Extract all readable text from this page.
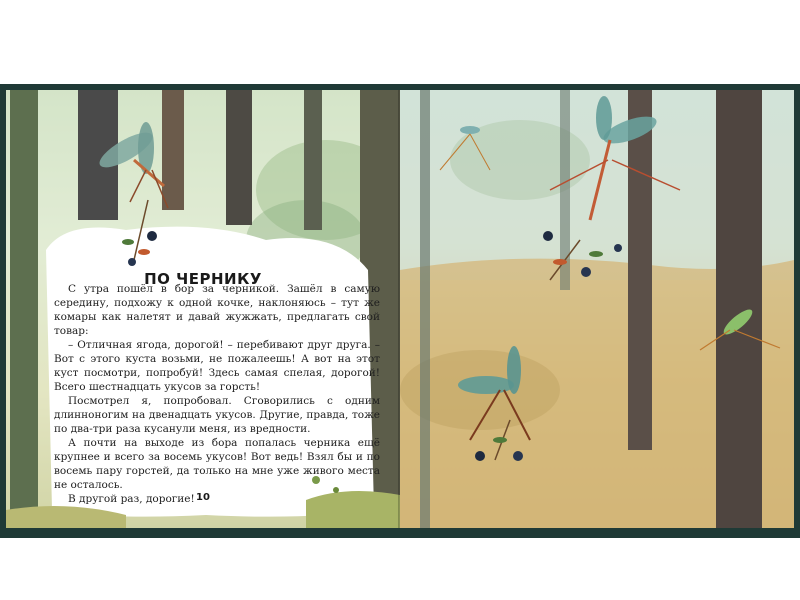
ПО ЧЕРНИКУ

С утра пошёл в бор за черникой. Зашёл в самую середину, подхожу к одной кочке, наклоняюсь – тут же комары как налетят и давай жужжать, предлагать свой товар:

– Отличная ягода, дорогой! – перебивают друг друга. – Вот с этого куста возьми, не пожалеешь! А вот на этот куст посмотри, попробуй! Здесь самая спелая, дорогой! Всего шестнадцать укусов за горсть!

Посмотрел я, попробовал. Сговорились с одним длинноногим на двенадцать укусов. Другие, правда, тоже по два-три раза кусанули меня, из вредности.

А почти на выходе из бора попалась черника ещё крупнее и всего за восемь укусов! Вот ведь! Взял бы и по восемь пару горстей, да только на мне уже живого места не осталось.

В другой раз, дорогие! 10
